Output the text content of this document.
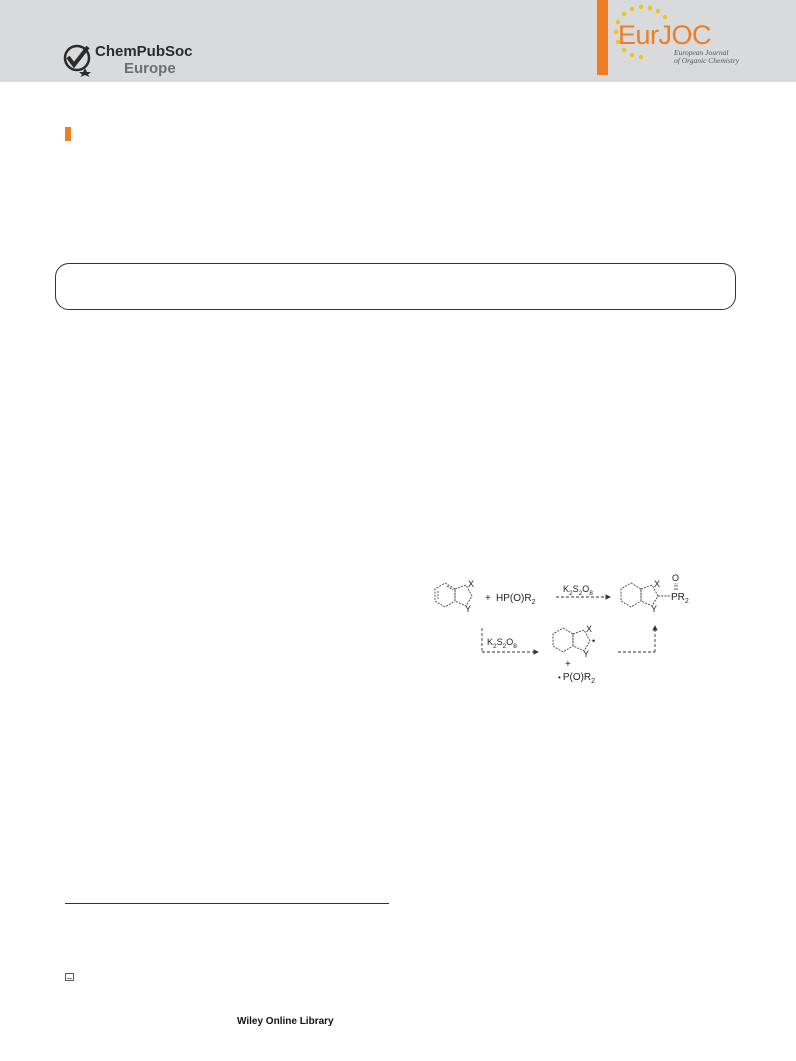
ChemPubSoc
Europe
EurJOC
European Journal
of Organic Chemistry
X
Y
+ $HP(O)R_2$
$K_2S_2O_8$
X
Y
O
$PR_2$
$K_2S_2O_8$
X
•
Y
+
• $P(O)R_2$
Wiley Online Library
